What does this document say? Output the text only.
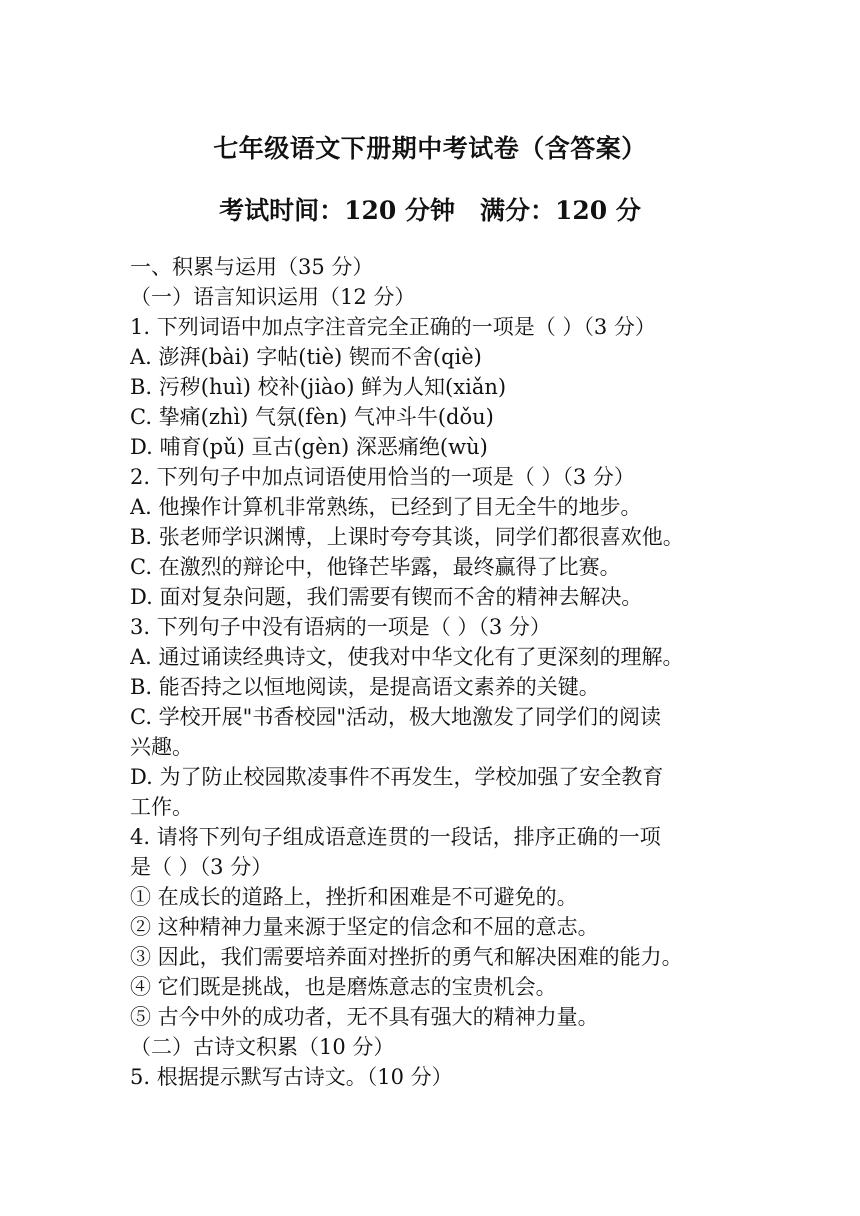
七年级语文下册期中考试卷（含答案）
考试时间：120 分钟　满分：120 分
一、积累与运用（35 分）
（一）语言知识运用（12 分）
1. 下列词语中加点字注音完全正确的一项是（ ）（3 分）
A. 澎湃(bài) 字帖(tiè) 锲而不舍(qiè)
B. 污秽(huì) 校补(jiào) 鲜为人知(xiǎn)
C. 挚痛(zhì) 气氛(fèn) 气冲斗牛(dǒu)
D. 哺育(pǔ) 亘古(gèn) 深恶痛绝(wù)
2. 下列句子中加点词语使用恰当的一项是（ ）（3 分）
A. 他操作计算机非常熟练，已经到了目无全牛的地步。
B. 张老师学识渊博，上课时夸夸其谈，同学们都很喜欢他。
C. 在激烈的辩论中，他锋芒毕露，最终赢得了比赛。
D. 面对复杂问题，我们需要有锲而不舍的精神去解决。
3. 下列句子中没有语病的一项是（ ）（3 分）
A. 通过诵读经典诗文，使我对中华文化有了更深刻的理解。
B. 能否持之以恒地阅读，是提高语文素养的关键。
C. 学校开展"书香校园"活动，极大地激发了同学们的阅读
兴趣。
D. 为了防止校园欺凌事件不再发生，学校加强了安全教育
工作。
4. 请将下列句子组成语意连贯的一段话，排序正确的一项
是（ ）（3 分）
① 在成长的道路上，挫折和困难是不可避免的。
② 这种精神力量来源于坚定的信念和不屈的意志。
③ 因此，我们需要培养面对挫折的勇气和解决困难的能力。
④ 它们既是挑战，也是磨炼意志的宝贵机会。
⑤ 古今中外的成功者，无不具有强大的精神力量。
（二）古诗文积累（10 分）
5. 根据提示默写古诗文。（10 分）
